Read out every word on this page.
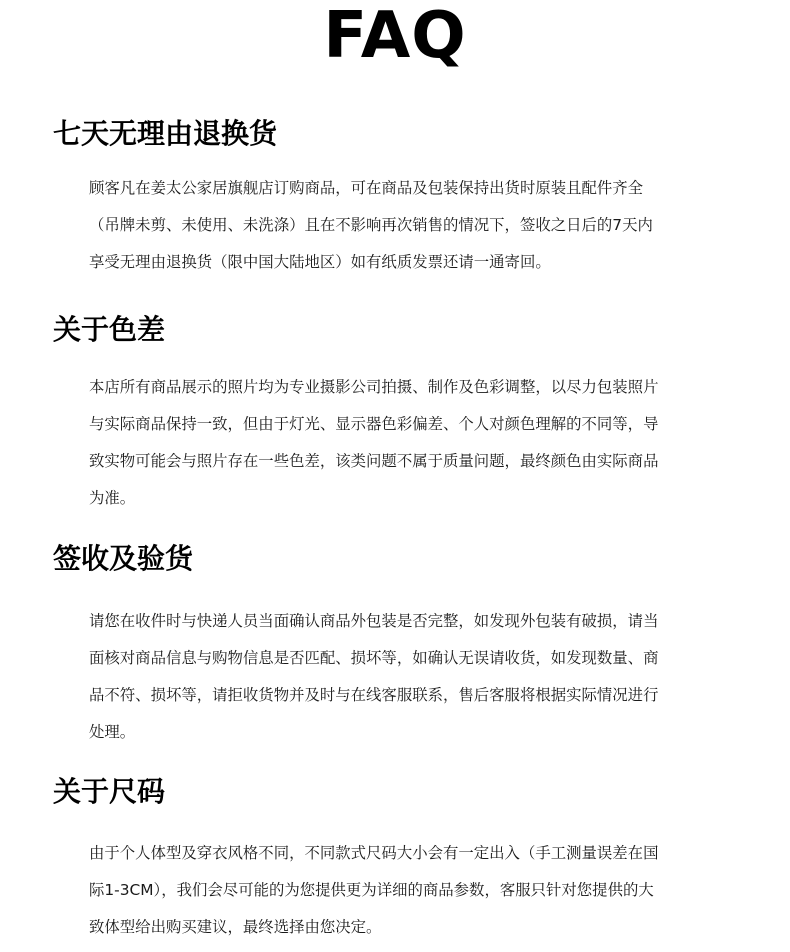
FAQ
七天无理由退换货

顾客凡在姜太公家居旗舰店订购商品，可在商品及包装保持出货时原装且配件齐全
（吊牌未剪、未使用、未洗涤）且在不影响再次销售的情况下，签收之日后的7天内
享受无理由退换货（限中国大陆地区）如有纸质发票还请一通寄回。

关于色差

本店所有商品展示的照片均为专业摄影公司拍摄、制作及色彩调整，以尽力包装照片
与实际商品保持一致，但由于灯光、显示器色彩偏差、个人对颜色理解的不同等，导
致实物可能会与照片存在一些色差，该类问题不属于质量问题，最终颜色由实际商品
为准。

签收及验货

请您在收件时与快递人员当面确认商品外包装是否完整，如发现外包装有破损，请当
面核对商品信息与购物信息是否匹配、损坏等，如确认无误请收货，如发现数量、商
品不符、损坏等，请拒收货物并及时与在线客服联系，售后客服将根据实际情况进行
处理。

关于尺码

由于个人体型及穿衣风格不同，不同款式尺码大小会有一定出入（手工测量误差在国
际1-3CM），我们会尽可能的为您提供更为详细的商品参数，客服只针对您提供的大
致体型给出购买建议，最终选择由您决定。
